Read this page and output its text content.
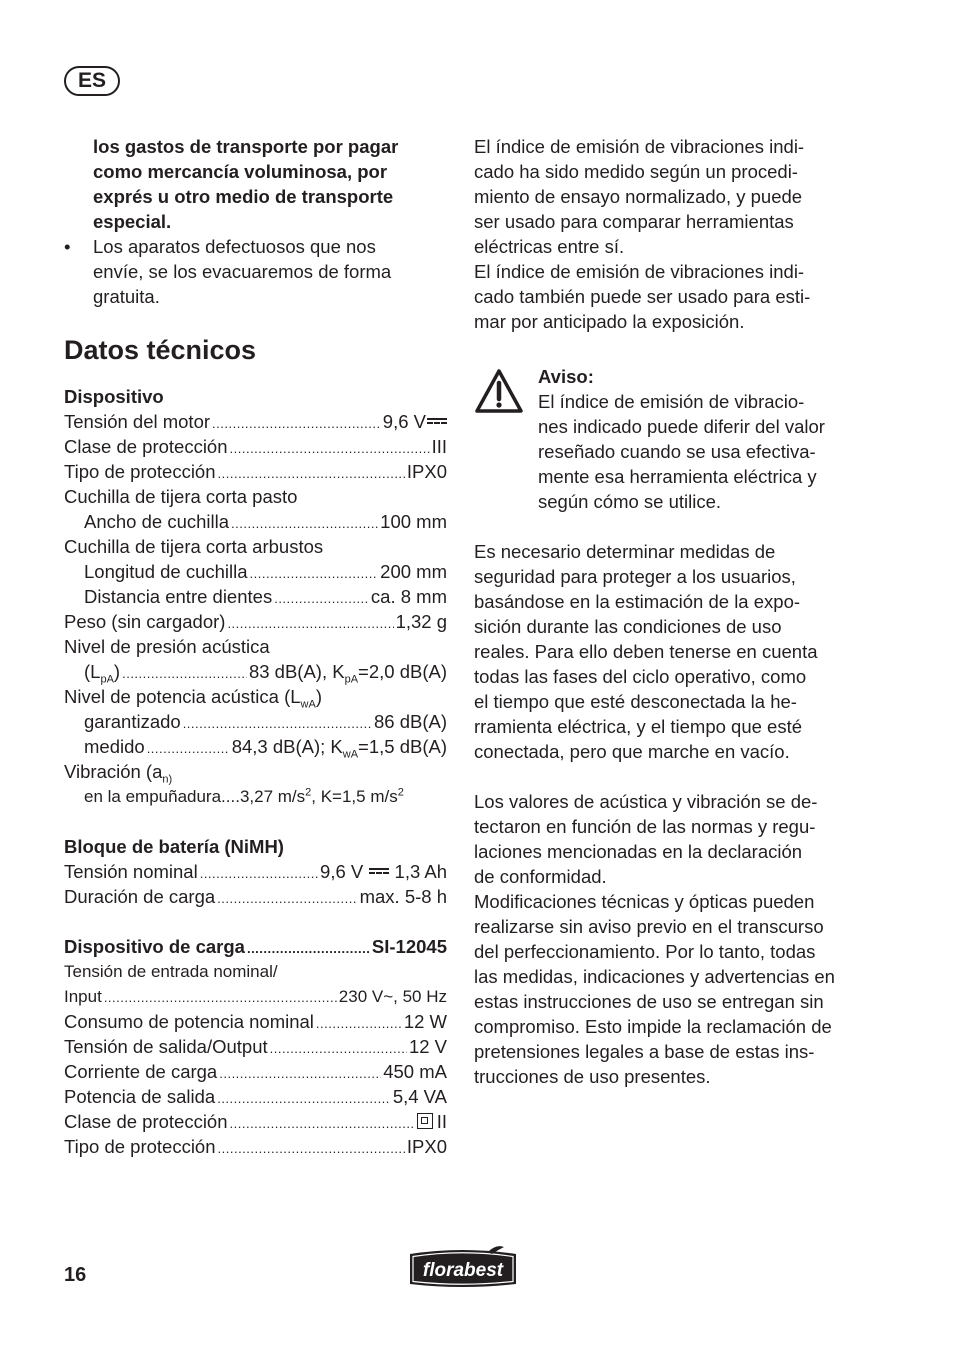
ES
los gastos de transporte por pagar
como mercancía voluminosa, por
exprés u otro medio de transporte
especial.
• Los aparatos defectuosos que nos
envíe, se los evacuaremos de forma
gratuita.
Datos técnicos
Dispositivo
Tensión del motor .....	9,6 V
Clase de protección .....	III
Tipo de protección .....	IPX0
Cuchilla de tijera corta pasto
Ancho de cuchilla .....	100 mm
Cuchilla de tijera corta arbustos
Longitud de cuchilla .....	200 mm
Distancia entre dientes .....	ca. 8 mm
Peso (sin cargador) .....	1,32 g
Nivel de presión acústica
$(L_{pA})$ .....	83 dB(A), $K_{pA}=2,0$ dB(A)
Nivel de potencia acústica $(L_{wA})$
garantizado .....	86 dB(A)
medido .....	84,3 dB(A); $K_{wA}=1,5$ dB(A)
Vibración ($a_{n)}$
en la empuñadura....3,27 $m/s^2$, K=1,5 $m/s^2$
Bloque de batería (NiMH)
Tensión nominal .....	9,6 V 1,3 Ah
Duración de carga .....	max. 5-8 h
Dispositivo de carga .....	SI-12045
Tensión de entrada nominal/
Input .....	230 V~, 50 Hz
Consumo de potencia nominal .....	12 W
Tensión de salida/Output .....	12 V
Corriente de carga .....	450 mA
Potencia de salida .....	5,4 VA
Clase de protección .....	II
Tipo de protección .....	IPX0
El índice de emisión de vibraciones indi-
cado ha sido medido según un procedi-
miento de ensayo normalizado, y puede
ser usado para comparar herramientas
eléctricas entre sí.
El índice de emisión de vibraciones indi-
cado también puede ser usado para esti-
mar por anticipado la exposición.
Aviso:
El índice de emisión de vibracio-
nes indicado puede diferir del valor
reseñado cuando se usa efectiva-
mente esa herramienta eléctrica y
según cómo se utilice.
Es necesario determinar medidas de
seguridad para proteger a los usuarios,
basándose en la estimación de la expo-
sición durante las condiciones de uso
reales. Para ello deben tenerse en cuenta
todas las fases del ciclo operativo, como
el tiempo que esté desconectada la he-
rramienta eléctrica, y el tiempo que esté
conectada, pero que marche en vacío.
Los valores de acústica y vibración se de-
tectaron en función de las normas y regu-
laciones mencionadas en la declaración
de conformidad.
Modificaciones técnicas y ópticas pueden
realizarse sin aviso previo en el transcurso
del perfeccionamiento. Por lo tanto, todas
las medidas, indicaciones y advertencias en
estas instrucciones de uso se entregan sin
compromiso. Esto impide la reclamación de
pretensiones legales a base de estas ins-
trucciones de uso presentes.
16	florabest
